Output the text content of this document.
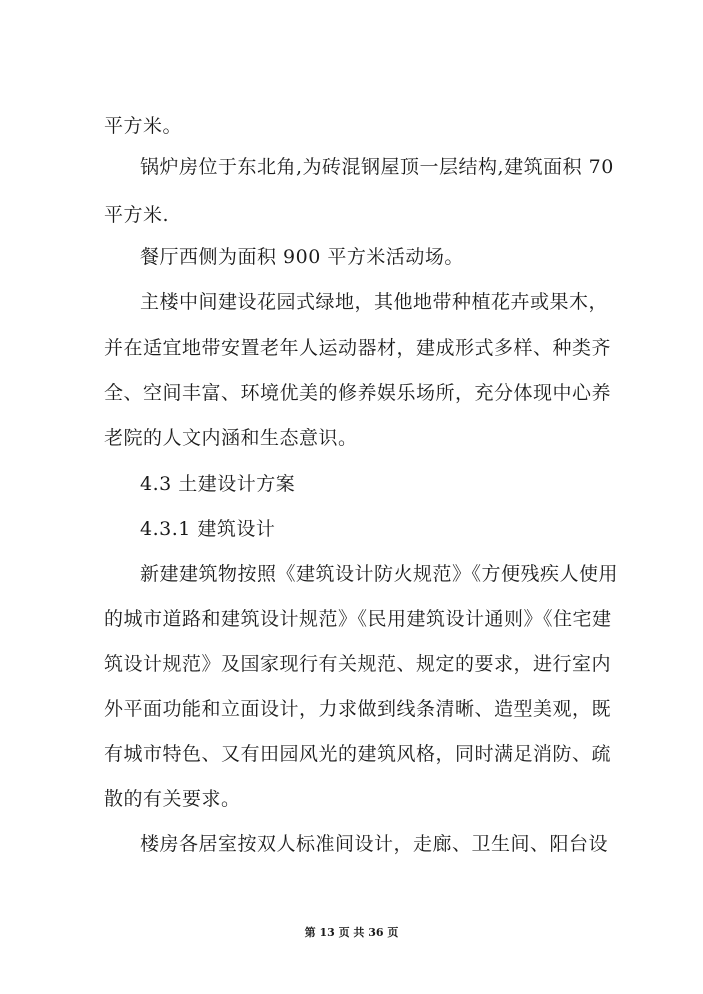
平方米。
锅炉房位于东北角,为砖混钢屋顶一层结构,建筑面积 70
平方米.
餐厅西侧为面积 900 平方米活动场。
主楼中间建设花园式绿地，其他地带种植花卉或果木，
并在适宜地带安置老年人运动器材，建成形式多样、种类齐
全、空间丰富、环境优美的修养娱乐场所，充分体现中心养
老院的人文内涵和生态意识。
4.3 土建设计方案
4.3.1 建筑设计
新建建筑物按照《建筑设计防火规范》《方便残疾人使用
的城市道路和建筑设计规范》《民用建筑设计通则》《住宅建
筑设计规范》及国家现行有关规范、规定的要求，进行室内
外平面功能和立面设计，力求做到线条清晰、造型美观，既
有城市特色、又有田园风光的建筑风格，同时满足消防、疏
散的有关要求。
楼房各居室按双人标准间设计，走廊、卫生间、阳台设
第 13 页 共 36 页
